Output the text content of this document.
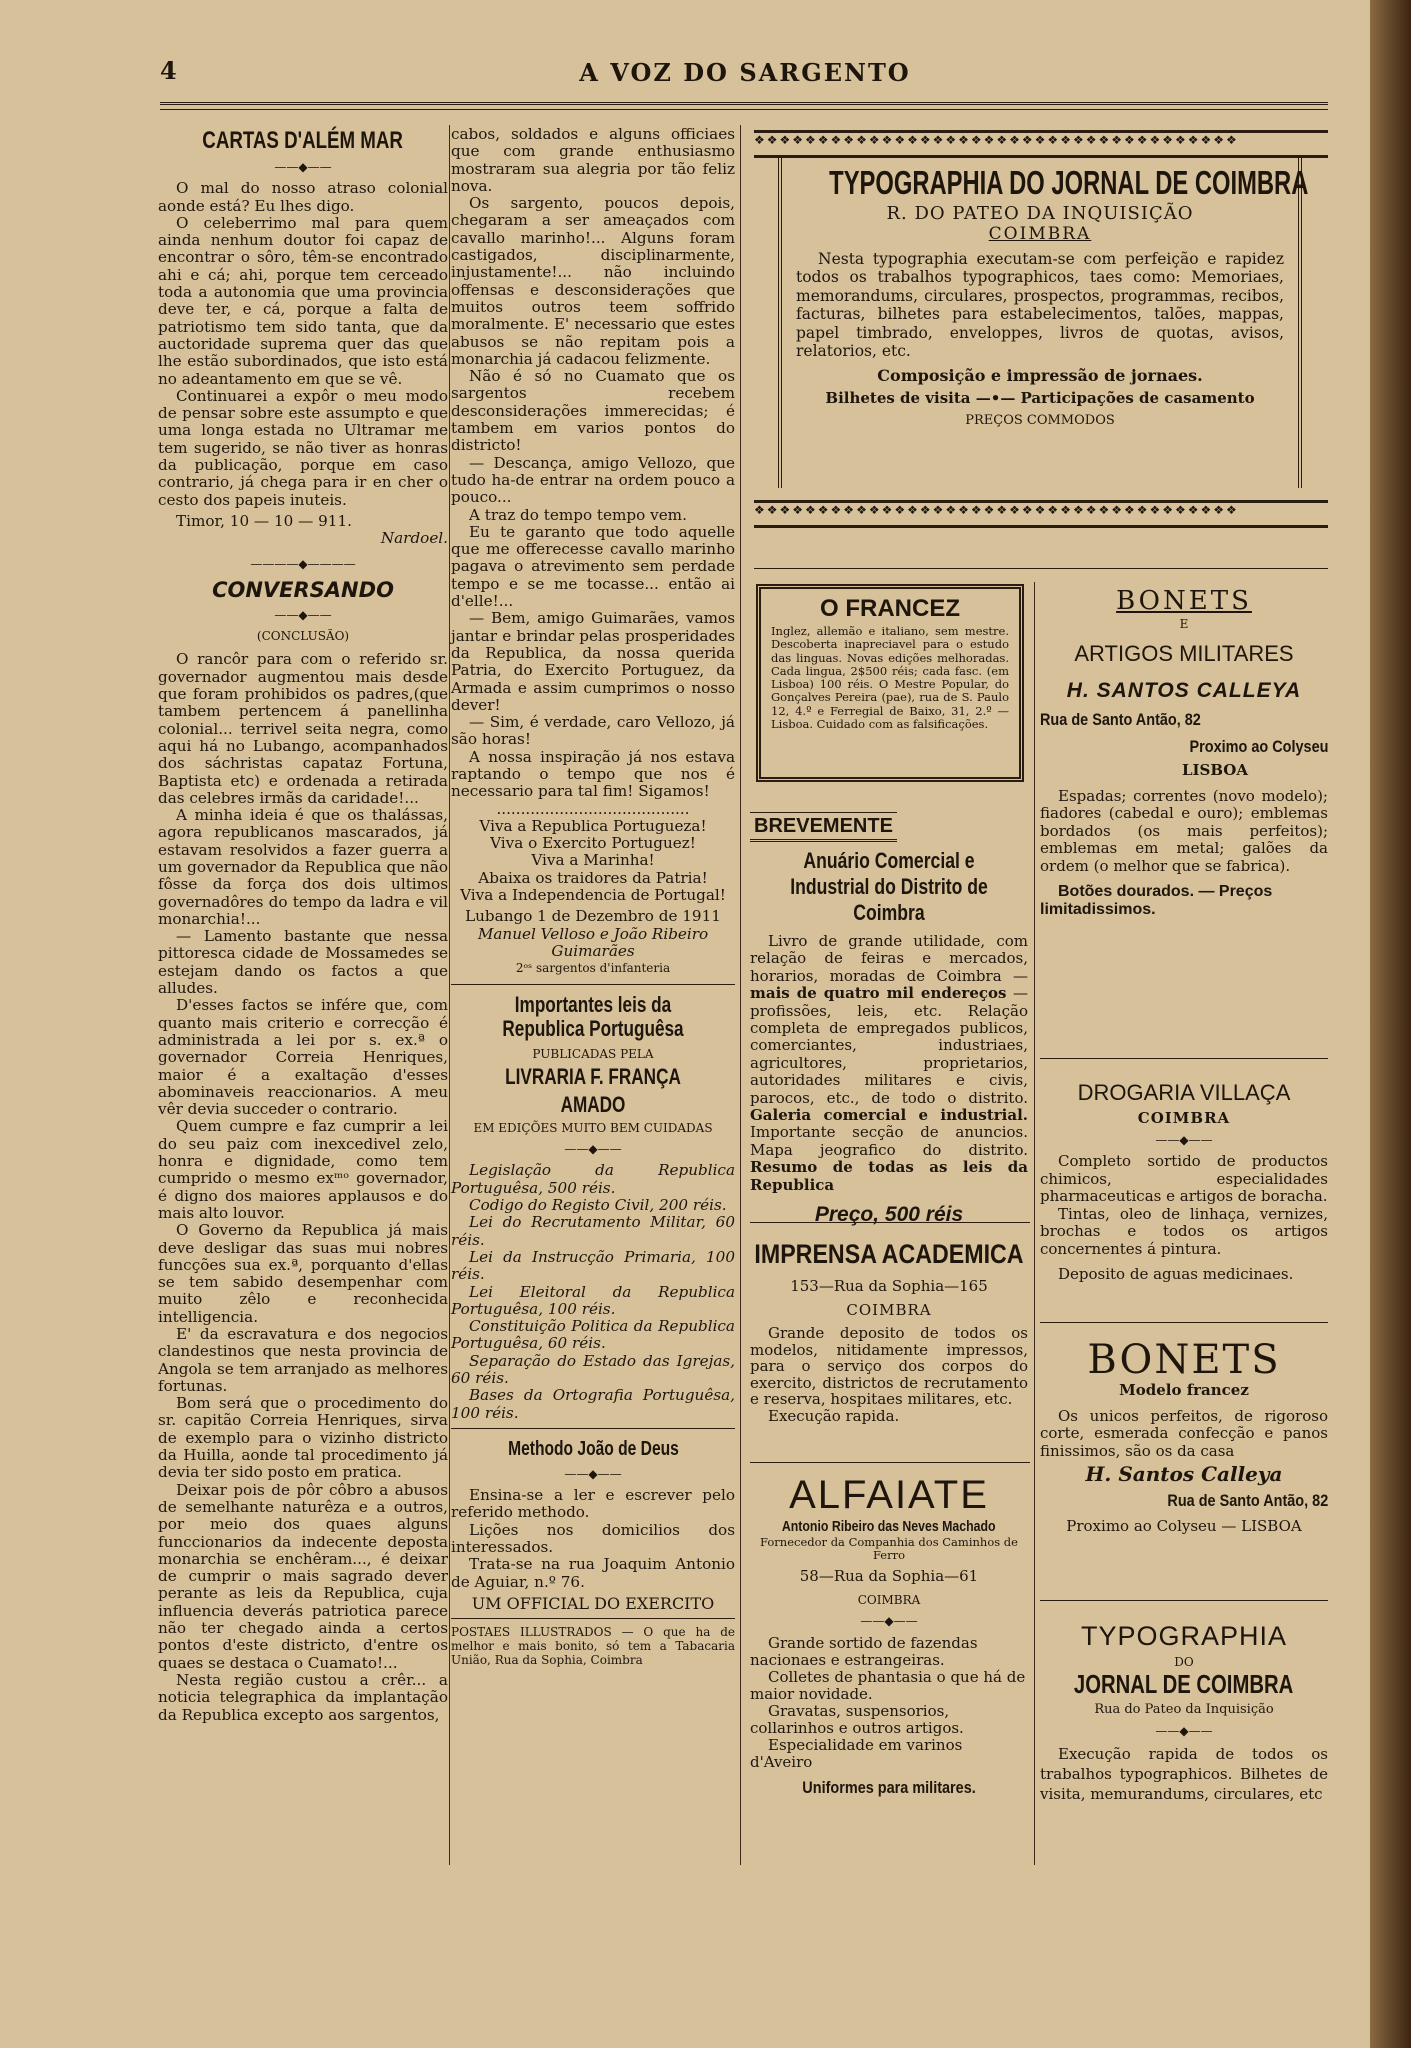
4	A VOZ DO SARGENTO

CARTAS D'ALÉM MAR

——◆——

O mal do nosso atraso colonial aonde está? Eu lhes digo.

O celeberrimo mal para quem ainda nenhum doutor foi capaz de encontrar o sôro, têm-se encontrado ahi e cá; ahi, porque tem cerceado toda a autonomia que uma provincia deve ter, e cá, porque a falta de patriotismo tem sido tanta, que da auctoridade suprema quer das que lhe estão subordinados, que isto está no adeantamento em que se vê.

Continuarei a expôr o meu modo de pensar sobre este assumpto e que uma longa estada no Ultramar me tem sugerido, se não tiver as honras da publicação, porque em caso contrario, já chega para ir en cher o cesto dos papeis inuteis.

Timor, 10 — 10 — 911.

Nardoel.

————◆————

CONVERSANDO

——◆——

(CONCLUSÃO)

O rancôr para com o referido sr. governador augmentou mais desde que foram prohibidos os padres,(que tambem pertencem á panellinha colonial... terrivel seita negra, como aqui há no Lubango, acompanhados dos sáchristas capataz Fortuna, Baptista etc) e ordenada a retirada das celebres irmãs da caridade!...

A minha ideia é que os thalássas, agora republicanos mascarados, já estavam resolvidos a fazer guerra a um governador da Republica que não fôsse da força dos dois ultimos governadôres do tempo da ladra e vil monarchia!...

— Lamento bastante que nessa pittoresca cidade de Mossamedes se estejam dando os factos a que alludes.

D'esses factos se infére que, com quanto mais criterio e correcção é administrada a lei por s. ex.ª o governador Correia Henriques, maior é a exaltação d'esses abominaveis reaccionarios. A meu vêr devia succeder o contrario.

Quem cumpre e faz cumprir a lei do seu paiz com inexcedivel zelo, honra e dignidade, como tem cumprido o mesmo exᵐᵒ governador, é digno dos maiores applausos e do mais alto louvor.

O Governo da Republica já mais deve desligar das suas mui nobres funcções sua ex.ª, porquanto d'ellas se tem sabido desempenhar com muito zêlo e reconhecida intelligencia.

E' da escravatura e dos negocios clandestinos que nesta provincia de Angola se tem arranjado as melhores fortunas.

Bom será que o procedimento do sr. capitão Correia Henriques, sirva de exemplo para o vizinho districto da Huilla, aonde tal procedimento já devia ter sido posto em pratica.

Deixar pois de pôr côbro a abusos de semelhante naturêza e a outros, por meio dos quaes alguns funccionarios da indecente deposta monarchia se enchêram..., é deixar de cumprir o mais sagrado dever perante as leis da Republica, cuja influencia deverás patriotica parece não ter chegado ainda a certos pontos d'este districto, d'entre os quaes se destaca o Cuamato!...

Nesta região custou a crêr... a noticia telegraphica da implantação da Republica excepto aos sargentos,

cabos, soldados e alguns officiaes que com grande enthusiasmo mostraram sua alegria por tão feliz nova.

Os sargento, poucos depois, chegaram a ser ameaçados com cavallo marinho!... Alguns foram castigados, disciplinarmente, injustamente!... não incluindo offensas e desconsiderações que muitos outros teem soffrido moralmente. E' necessario que estes abusos se não repitam pois a monarchia já cadacou felizmente.

Não é só no Cuamato que os sargentos recebem desconsiderações immerecidas; é tambem em varios pontos do districto!

— Descança, amigo Vellozo, que tudo ha-de entrar na ordem pouco a pouco...

A traz do tempo tempo vem.

Eu te garanto que todo aquelle que me offerecesse cavallo marinho pagava o atrevimento sem perdade tempo e se me tocasse... então ai d'elle!...

— Bem, amigo Guimarães, vamos jantar e brindar pelas prosperidades da Republica, da nossa querida Patria, do Exercito Portuguez, da Armada e assim cumprimos o nosso dever!

— Sim, é verdade, caro Vellozo, já são horas!

A nossa inspiração já nos estava raptando o tempo que nos é necessario para tal fim! Sigamos!

........................................

Viva a Republica Portugueza!

Viva o Exercito Portuguez!

Viva a Marinha!

Abaixa os traidores da Patria!

Viva a Independencia de Portugal!

Lubango 1 de Dezembro de 1911

Manuel Velloso e João Ribeiro Guimarães

2ᵒˢ sargentos d'infanteria

Importantes leis da Republica Portuguêsa

PUBLICADAS PELA

LIVRARIA F. FRANÇA AMADO

EM EDIÇÕES MUITO BEM CUIDADAS

——◆——

Legislação da Republica Portuguêsa, 500 réis.

Codigo do Registo Civil, 200 réis.

Lei do Recrutamento Militar, 60 réis.

Lei da Instrucção Primaria, 100 réis.

Lei Eleitoral da Republica Portuguêsa, 100 réis.

Constituição Politica da Republica Portuguêsa, 60 réis.

Separação do Estado das Igrejas, 60 réis.

Bases da Ortografia Portuguêsa, 100 réis.

Methodo João de Deus

——◆——

Ensina-se a ler e escrever pelo referido methodo.

Lições nos domicilios dos interessados.

Trata-se na rua Joaquim Antonio de Aguiar, n.º 76.

UM OFFICIAL DO EXERCITO

POSTAES ILLUSTRADOS — O que ha de melhor e mais bonito, só tem a Tabacaria União, Rua da Sophia, Coimbra

❖❖❖❖❖❖❖❖❖❖❖❖❖❖❖❖❖❖❖❖❖❖❖❖❖❖❖❖❖❖❖❖❖❖❖❖❖❖

TYPOGRAPHIA DO JORNAL DE COIMBRA

R. DO PATEO DA INQUISIÇÃO

COIMBRA

Nesta typographia executam-se com perfeição e rapidez todos os trabalhos typographicos, taes como: Memoriaes, memorandums, circulares, prospectos, programmas, recibos, facturas, bilhetes para estabelecimentos, talões, mappas, papel timbrado, enveloppes, livros de quotas, avisos, relatorios, etc.

Composição e impressão de jornaes.

Bilhetes de visita —•— Participações de casamento

PREÇOS COMMODOS

❖❖❖❖❖❖❖❖❖❖❖❖❖❖❖❖❖❖❖❖❖❖❖❖❖❖❖❖❖❖❖❖❖❖❖❖❖❖

O FRANCEZ

Inglez, allemão e italiano, sem mestre. Descoberta inapreciavel para o estudo das linguas. Novas edições melhoradas. Cada lingua, 2$500 réis; cada fasc. (em Lisboa) 100 réis. O Mestre Popular, do Gonçalves Pereira (pae), rua de S. Paulo 12, 4.º e Ferregial de Baixo, 31, 2.º — Lisboa. Cuidado com as falsificações.

BREVEMENTE

Anuário Comercial e Industrial do Distrito de Coimbra

Livro de grande utilidade, com relação de feiras e mercados, horarios, moradas de Coimbra — mais de quatro mil endereços — profissões, leis, etc. Relação completa de empregados publicos, comerciantes, industriaes, agricultores, proprietarios, autoridades militares e civis, parocos, etc., de todo o distrito. Galeria comercial e industrial. Importante secção de anuncios. Mapa jeografico do distrito. Resumo de todas as leis da Republica

Preço, 500 réis

IMPRENSA ACADEMICA

153—Rua da Sophia—165

COIMBRA

Grande deposito de todos os modelos, nitidamente impressos, para o serviço dos corpos do exercito, districtos de recrutamento e reserva, hospitaes militares, etc.

Execução rapida.

ALFAIATE

Antonio Ribeiro das Neves Machado

Fornecedor da Companhia dos Caminhos de Ferro

58—Rua da Sophia—61

COIMBRA

——◆——

Grande sortido de fazendas nacionaes e estrangeiras.

Colletes de phantasia o que há de maior novidade.

Gravatas, suspensorios, collarinhos e outros artigos.

Especialidade em varinos d'Aveiro

Uniformes para militares.

BONETS

E

ARTIGOS MILITARES

H. SANTOS CALLEYA

Rua de Santo Antão, 82

Proximo ao Colyseu

LISBOA

Espadas; correntes (novo modelo); fiadores (cabedal e ouro); emblemas bordados (os mais perfeitos); emblemas em metal; galões da ordem (o melhor que se fabrica).

Botões dourados. — Preços limitadissimos.

DROGARIA VILLAÇA

COIMBRA

——◆——

Completo sortido de productos chimicos, especialidades pharmaceuticas e artigos de boracha.

Tintas, oleo de linhaça, vernizes, brochas e todos os artigos concernentes á pintura.

Deposito de aguas medicinaes.

BONETS

Modelo francez

Os unicos perfeitos, de rigoroso corte, esmerada confecção e panos finissimos, são os da casa

H. Santos Calleya

Rua de Santo Antão, 82

Proximo ao Colyseu — LISBOA

TYPOGRAPHIA

DO

JORNAL DE COIMBRA

Rua do Pateo da Inquisição

——◆——

Execução rapida de todos os trabalhos typographicos. Bilhetes de visita, memurandums, circulares, etc
